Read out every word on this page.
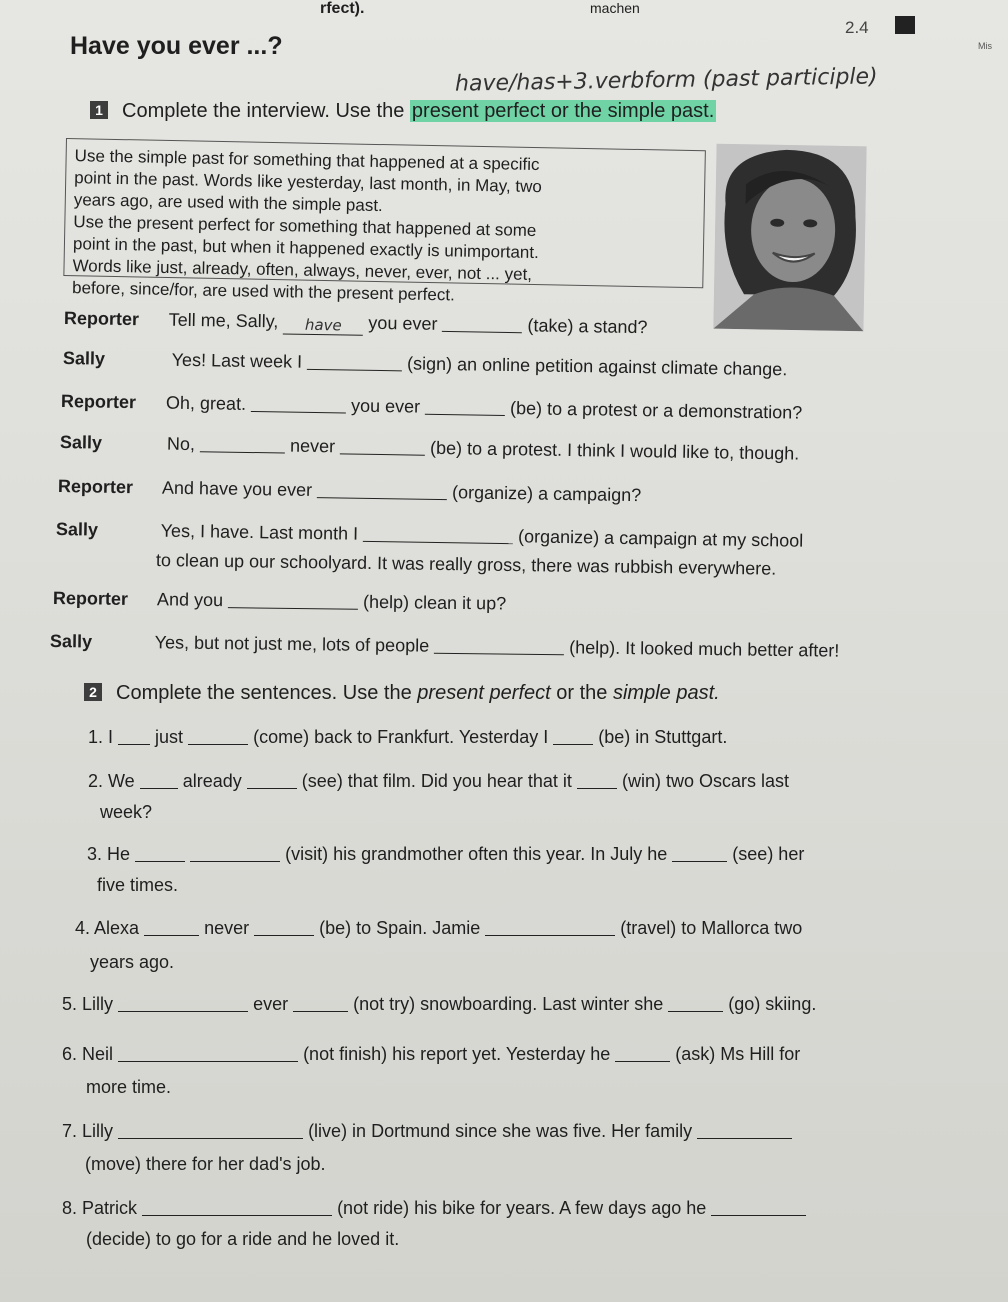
rfect).	machen
Have you ever ...?
2.4
Mis
have/has+3.verbform (past participle)
1 Complete the interview. Use the present perfect or the simple past.

Use the simple past for something that happened at a specific

point in the past. Words like yesterday, last month, in May, two

years ago, are used with the simple past.

Use the present perfect for something that happened at some

point in the past, but when it happened exactly is unimportant.

Words like just, already, often, always, never, ever, not ... yet,

before, since/for, are used with the present perfect.

Reporter Tell me, Sally, have you ever	(take) a stand?
Sally	Yes! Last week I	(sign) an online petition against climate change.
Reporter Oh, great.	you ever	(be) to a protest or a demonstration?
Sally	No,	never	(be) to a protest. I think I would like to, though.
Reporter And have you ever	(organize) a campaign?
Sally	Yes, I have. Last month I	(organize) a campaign at my school
to clean up our schoolyard. It was really gross, there was rubbish everywhere.
Reporter And you	(help) clean it up?
Sally	Yes, but not just me, lots of people	(help). It looked much better after!
2 Complete the sentences. Use the present perfect or the simple past.
1. I just	(come) back to Frankfurt. Yesterday I	(be) in Stuttgart.
2. We	already	(see) that film. Did you hear that it	(win) two Oscars last
week?
3. He	(visit) his grandmother often this year. In July he	(see) her
five times.
4. Alexa	never	(be) to Spain. Jamie	(travel) to Mallorca two
years ago.
5. Lilly	ever	(not try) snowboarding. Last winter she	(go) skiing.
6. Neil	(not finish) his report yet. Yesterday he	(ask) Ms Hill for
more time.
7. Lilly	(live) in Dortmund since she was five. Her family
(move) there for her dad's job.
8. Patrick	(not ride) his bike for years. A few days ago he
(decide) to go for a ride and he loved it.
